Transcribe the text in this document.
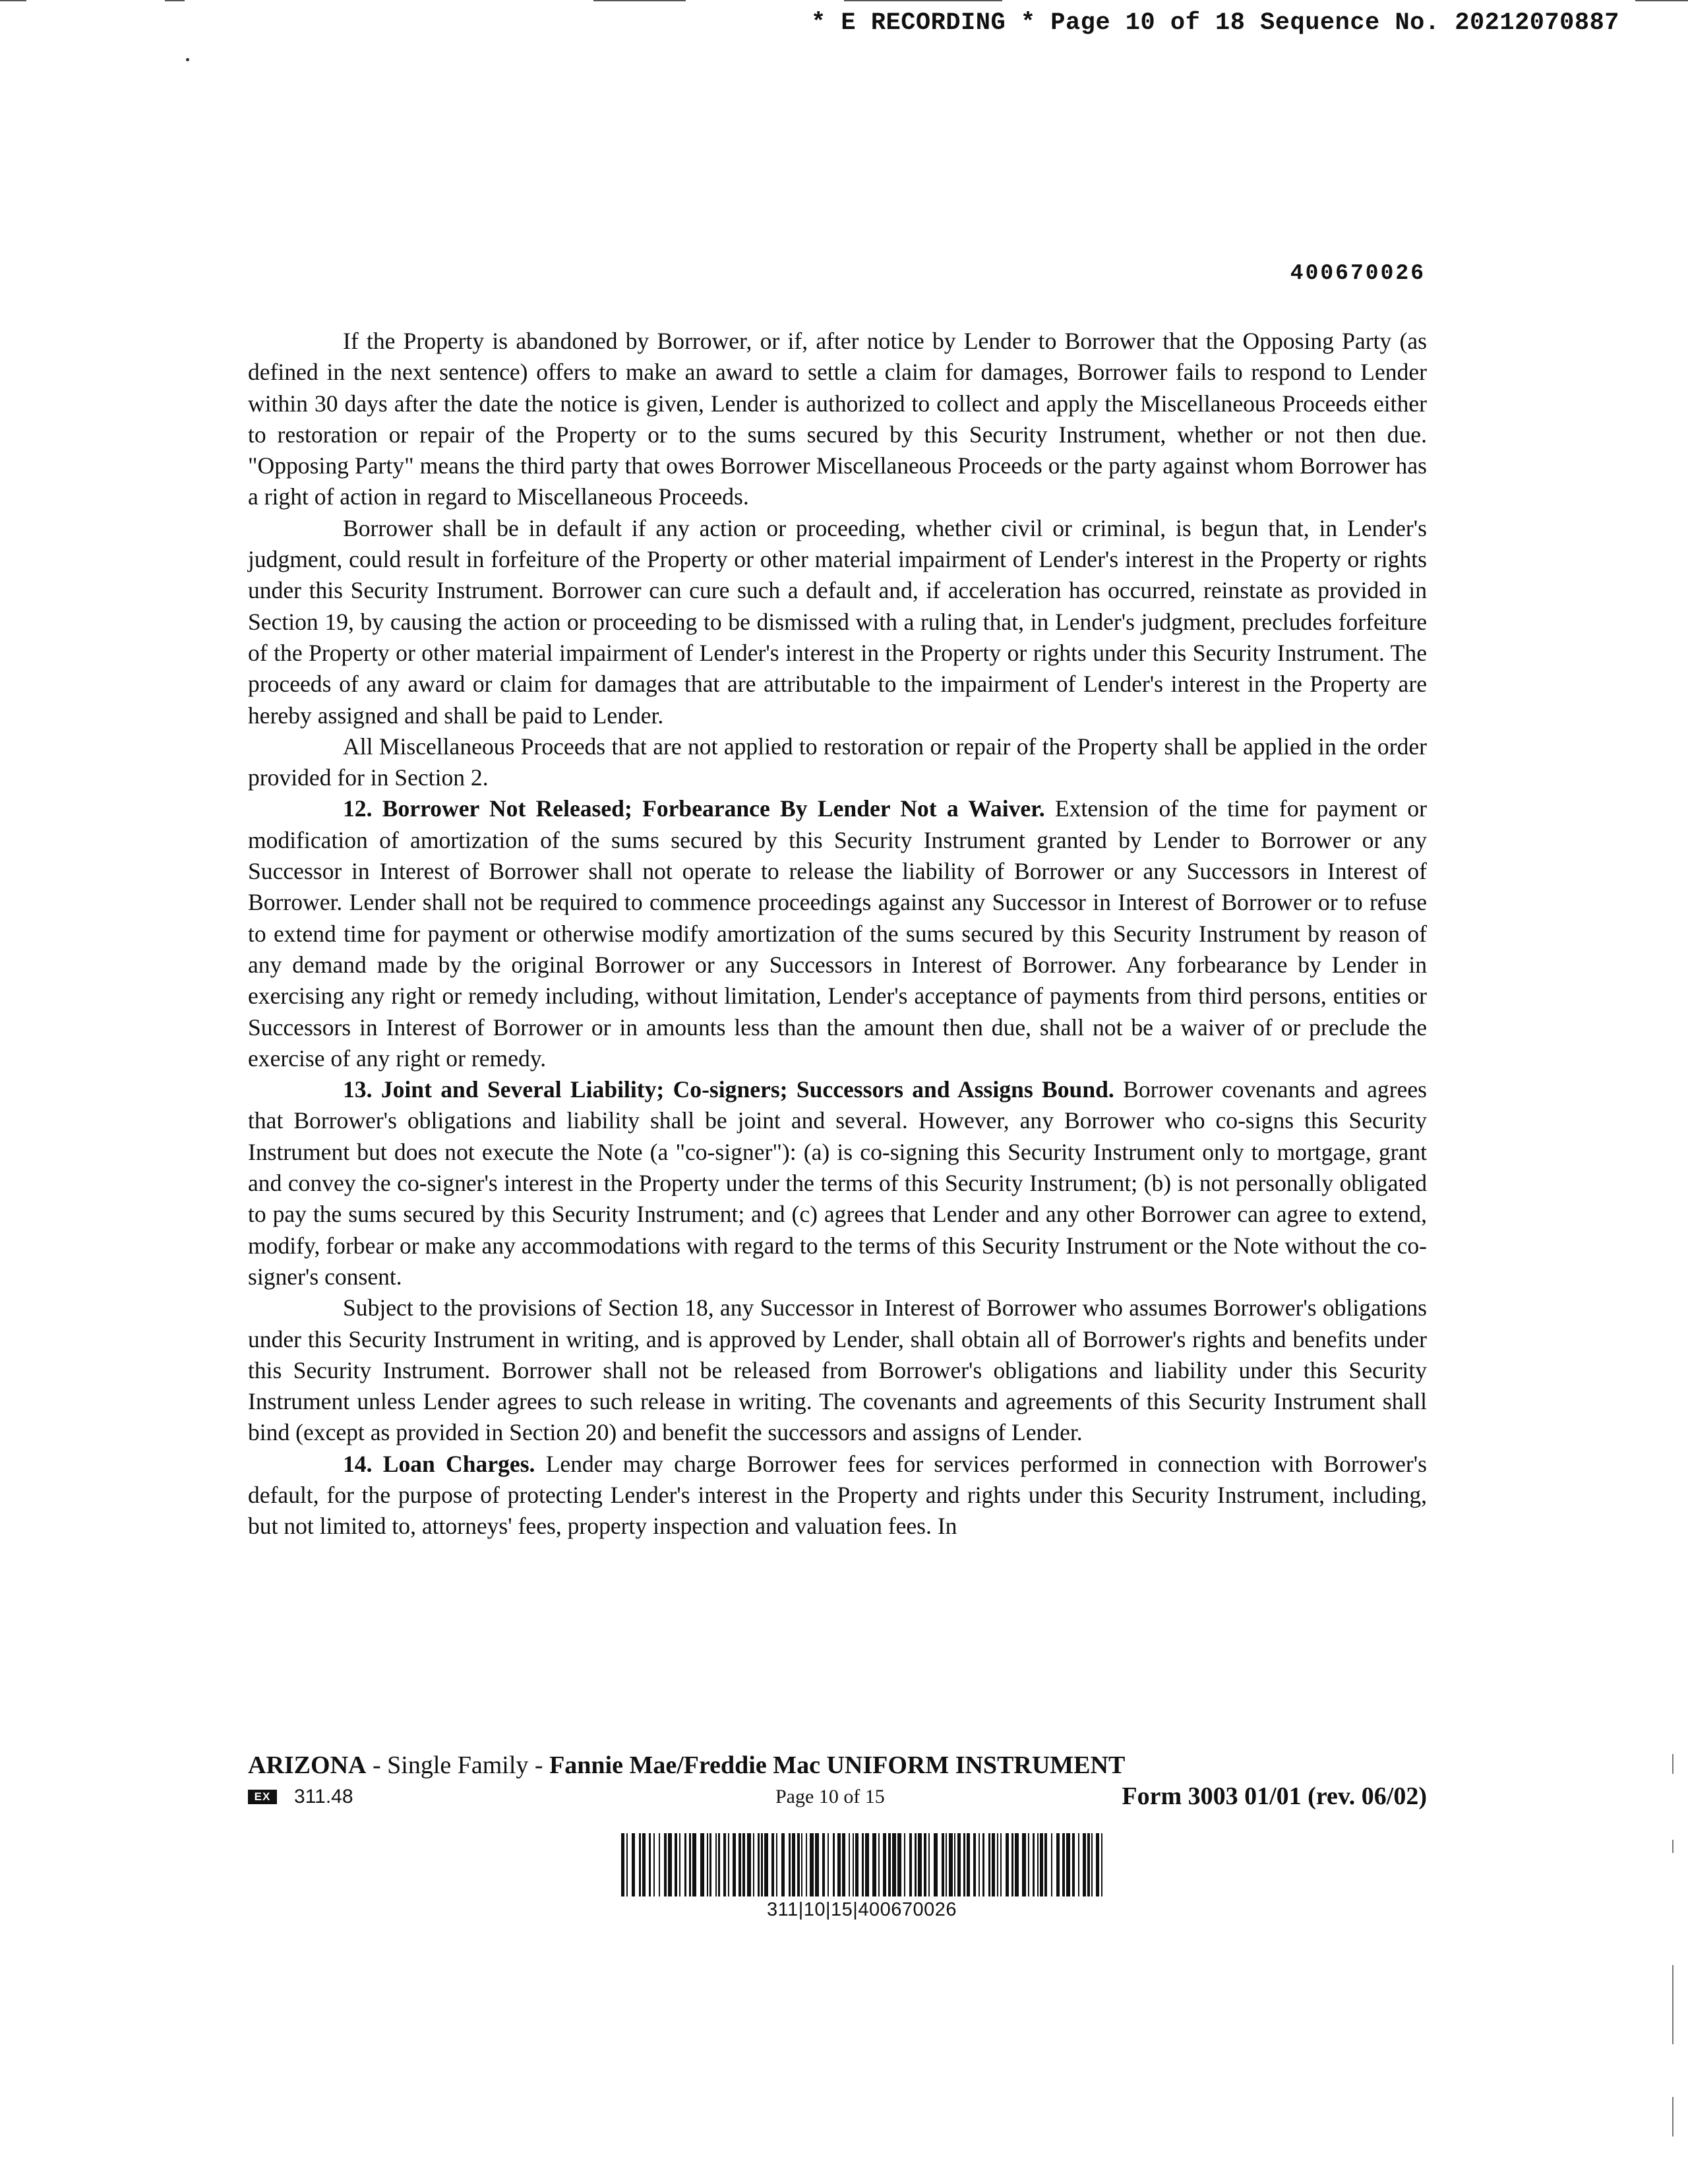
* E RECORDING * Page 10 of 18 Sequence No. 20212070887
400670026

If the Property is abandoned by Borrower, or if, after notice by Lender to Borrower that the Opposing Party (as defined in the next sentence) offers to make an award to settle a claim for damages, Borrower fails to respond to Lender within 30 days after the date the notice is given, Lender is authorized to collect and apply the Miscellaneous Proceeds either to restoration or repair of the Property or to the sums secured by this Security Instrument, whether or not then due. "Opposing Party" means the third party that owes Borrower Miscellaneous Proceeds or the party against whom Borrower has a right of action in regard to Miscellaneous Proceeds.

Borrower shall be in default if any action or proceeding, whether civil or criminal, is begun that, in Lender's judgment, could result in forfeiture of the Property or other material impairment of Lender's interest in the Property or rights under this Security Instrument. Borrower can cure such a default and, if acceleration has occurred, reinstate as provided in Section 19, by causing the action or proceeding to be dismissed with a ruling that, in Lender's judgment, precludes forfeiture of the Property or other material impairment of Lender's interest in the Property or rights under this Security Instrument. The proceeds of any award or claim for damages that are attributable to the impairment of Lender's interest in the Property are hereby assigned and shall be paid to Lender.

All Miscellaneous Proceeds that are not applied to restoration or repair of the Property shall be applied in the order provided for in Section 2.

12. Borrower Not Released; Forbearance By Lender Not a Waiver. Extension of the time for payment or modification of amortization of the sums secured by this Security Instrument granted by Lender to Borrower or any Successor in Interest of Borrower shall not operate to release the liability of Borrower or any Successors in Interest of Borrower. Lender shall not be required to commence proceedings against any Successor in Interest of Borrower or to refuse to extend time for payment or otherwise modify amortization of the sums secured by this Security Instrument by reason of any demand made by the original Borrower or any Successors in Interest of Borrower. Any forbearance by Lender in exercising any right or remedy including, without limitation, Lender's acceptance of payments from third persons, entities or Successors in Interest of Borrower or in amounts less than the amount then due, shall not be a waiver of or preclude the exercise of any right or remedy.

13. Joint and Several Liability; Co-signers; Successors and Assigns Bound. Borrower covenants and agrees that Borrower's obligations and liability shall be joint and several. However, any Borrower who co-signs this Security Instrument but does not execute the Note (a "co-signer"): (a) is co-signing this Security Instrument only to mortgage, grant and convey the co-signer's interest in the Property under the terms of this Security Instrument; (b) is not personally obligated to pay the sums secured by this Security Instrument; and (c) agrees that Lender and any other Borrower can agree to extend, modify, forbear or make any accommodations with regard to the terms of this Security Instrument or the Note without the co-signer's consent.

Subject to the provisions of Section 18, any Successor in Interest of Borrower who assumes Borrower's obligations under this Security Instrument in writing, and is approved by Lender, shall obtain all of Borrower's rights and benefits under this Security Instrument. Borrower shall not be released from Borrower's obligations and liability under this Security Instrument unless Lender agrees to such release in writing. The covenants and agreements of this Security Instrument shall bind (except as provided in Section 20) and benefit the successors and assigns of Lender.

14. Loan Charges. Lender may charge Borrower fees for services performed in connection with Borrower's default, for the purpose of protecting Lender's interest in the Property and rights under this Security Instrument, including, but not limited to, attorneys' fees, property inspection and valuation fees. In

ARIZONA - Single Family - Fannie Mae/Freddie Mac UNIFORM INSTRUMENT
EX	311.48	Page 10 of 15	Form 3003 01/01 (rev. 06/02)
311|10|15|400670026
